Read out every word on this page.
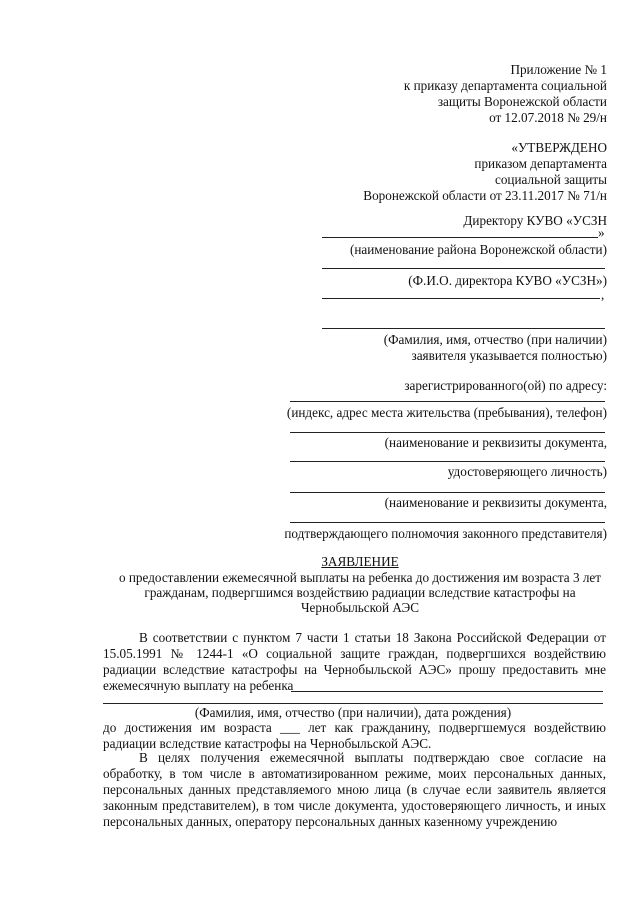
Приложение № 1
к приказу департамента социальной
защиты Воронежской области
от 12.07.2018 № 29/н
«УТВЕРЖДЕНО
приказом департамента
социальной защиты
Воронежской области от 23.11.2017 № 71/н
Директору КУВО «УСЗН
»
(наименование района Воронежской области)
(Ф.И.О. директора КУВО «УСЗН»)
,
(Фамилия, имя, отчество (при наличии)
заявителя указывается полностью)
зарегистрированного(ой) по адресу:
(индекс, адрес места жительства (пребывания), телефон)
(наименование и реквизиты документа,
удостоверяющего личность)
(наименование и реквизиты документа,
подтверждающего полномочия законного представителя)
ЗАЯВЛЕНИЕ
о предоставлении ежемесячной выплаты на ребенка до достижения им возраста 3 лет
гражданам, подвергшимся воздействию радиации вследствие катастрофы на
Чернобыльской АЭС
В соответствии с пунктом 7 части 1 статьи 18 Закона Российской Федерации от 15.05.1991 № 1244-1 «О социальной защите граждан, подвергшихся воздействию радиации вследствие катастрофы на Чернобыльской АЭС» прошу предоставить мне ежемесячную выплату на ребенка
(Фамилия, имя, отчество (при наличии), дата рождения)
до достижения им возраста ___ лет как гражданину, подвергшемуся воздействию радиации вследствие катастрофы на Чернобыльской АЭС.
В целях получения ежемесячной выплаты подтверждаю свое согласие на обработку, в том числе в автоматизированном режиме, моих персональных данных, персональных данных представляемого мною лица (в случае если заявитель является законным представителем), в том числе документа, удостоверяющего личность, и иных персональных данных, оператору персональных данных казенному учреждению
